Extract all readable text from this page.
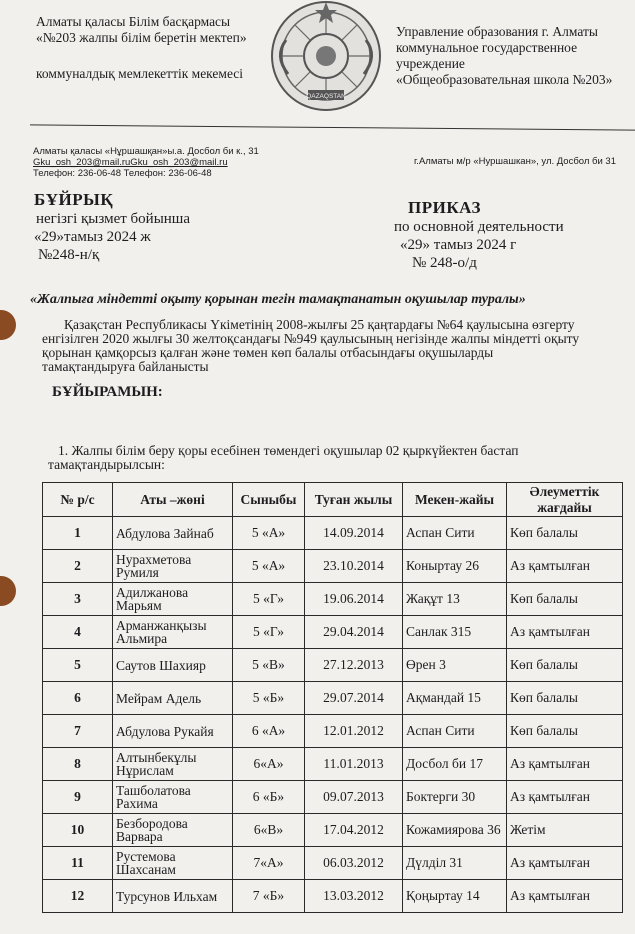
Алматы қаласы Білім басқармасы
«№203 жалпы білім беретін мектеп»
коммуналдық мемлекеттік мекемесі
QAZAQSTAN
Управление образования г. Алматы
коммунальное государственное
учреждение
«Общеобразовательная школа №203»
Алматы қаласы «Нұршашқан»ы.а. Досбол би к., 31
Gku_osh_203@mail.ruGku_osh_203@mail.ru
Телефон: 236-06-48 Телефон: 236-06-48
г.Алматы м/р «Нуршашкан», ул. Досбол би 31
БҰЙРЫҚ
негізгі қызмет бойынша
«29»тамыз 2024 ж
№248-н/қ
ПРИКАЗ
по основной деятельности
«29» тамыз 2024 г
№ 248-о/д
«Жалпыға міндетті оқыту қорынан тегін тамақтанатын оқушылар туралы»
Қазақстан Республикасы Үкіметінің 2008-жылғы 25 қаңтардағы №64 қаулысына өзгерту
енгізілген 2020 жылғы 30 желтоқсандағы №949 қаулысының негізінде жалпы міндетті оқыту
қорынан қамқорсыз қалған және төмен көп балалы отбасындағы оқушыларды
тамақтандыруға байланысты
БҰЙЫРАМЫН:
1. Жалпы білім беру қоры есебінен төмендегі оқушылар 02 қыркүйектен бастап
тамақтандырылсын:
№ р/с	Аты –жөні	Сыныбы	Туған жылы	Мекен-жайы	Әлеуметтік жағдайы
1	Абдулова Зайнаб	5 «А»	14.09.2014	Аспан Сити	Көп балалы
2	Нурахметова Румиля	5 «А»	23.10.2014	Коныртау 26	Аз қамтылған
3	Адилжанова Марьям	5 «Г»	19.06.2014	Жақұт 13	Көп балалы
4	Арманжанқызы Альмира	5 «Г»	29.04.2014	Санлак 315	Аз қамтылған
5	Саутов Шахияр	5 «В»	27.12.2013	Өрен 3	Көп балалы
6	Мейрам Адель	5 «Б»	29.07.2014	Ақмандай 15	Көп балалы
7	Абдулова Рукайя	6 «А»	12.01.2012	Аспан Сити	Көп балалы
8	Алтынбекұлы Нұрислам	6«А»	11.01.2013	Досбол би 17	Аз қамтылған
9	Ташболатова Рахима	6 «Б»	09.07.2013	Боктерги 30	Аз қамтылған
10	Безбородова Варвара	6«В»	17.04.2012	Кожамиярова 36	Жетім
11	Рустемова Шахсанам	7«А»	06.03.2012	Дүлділ 31	Аз қамтылған
12	Турсунов Ильхам	7 «Б»	13.03.2012	Қоңыртау 14	Аз қамтылған
